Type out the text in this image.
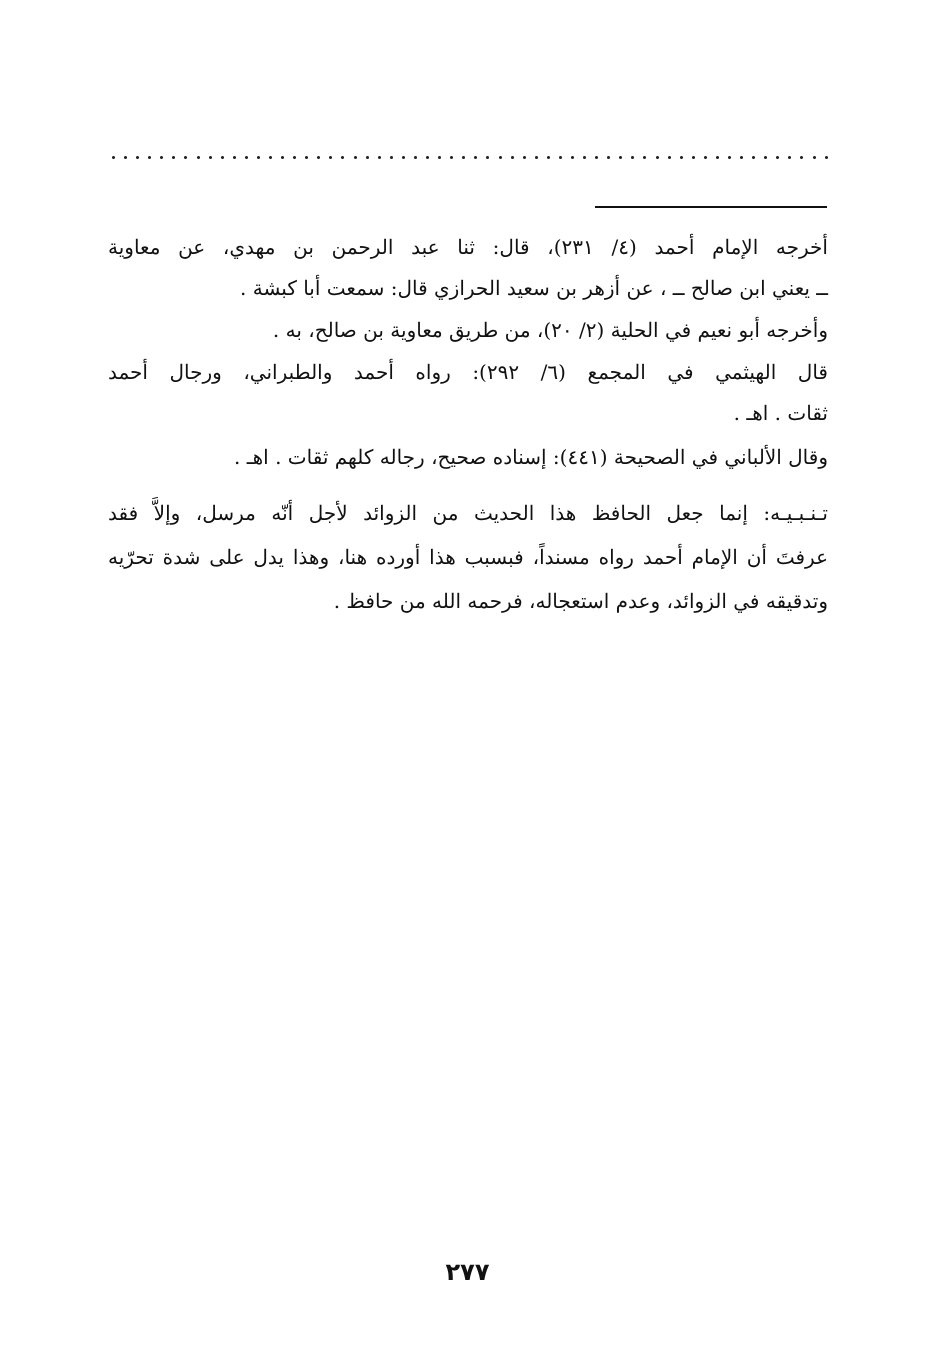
أخرجه الإمام أحمد (٤/ ٢٣١)، قال: ثنا عبد الرحمن بن مهدي، عن معاوية
ــ يعني ابن صالح ــ ، عن أزهر بن سعيد الحرازي قال: سمعت أبا كبشة .
وأخرجه أبو نعيم في الحلية (٢/ ٢٠)، من طريق معاوية بن صالح، به .
قال الهيثمي في المجمع (٦/ ٢٩٢): رواه أحمد والطبراني، ورجال أحمد
ثقات . اهـ .
وقال الألباني في الصحيحة (٤٤١): إسناده صحيح، رجاله كلهم ثقات . اهـ .
تـنـبـيـه: إنما جعل الحافظ هذا الحديث من الزوائد لأجل أنّه مرسل، وإلاَّ فقد
عرفتَ أن الإمام أحمد رواه مسنداً، فبسبب هذا أورده هنا، وهذا يدل على شدة تحرّيه
وتدقيقه في الزوائد، وعدم استعجاله، فرحمه الله من حافظ .
٢٧٧
